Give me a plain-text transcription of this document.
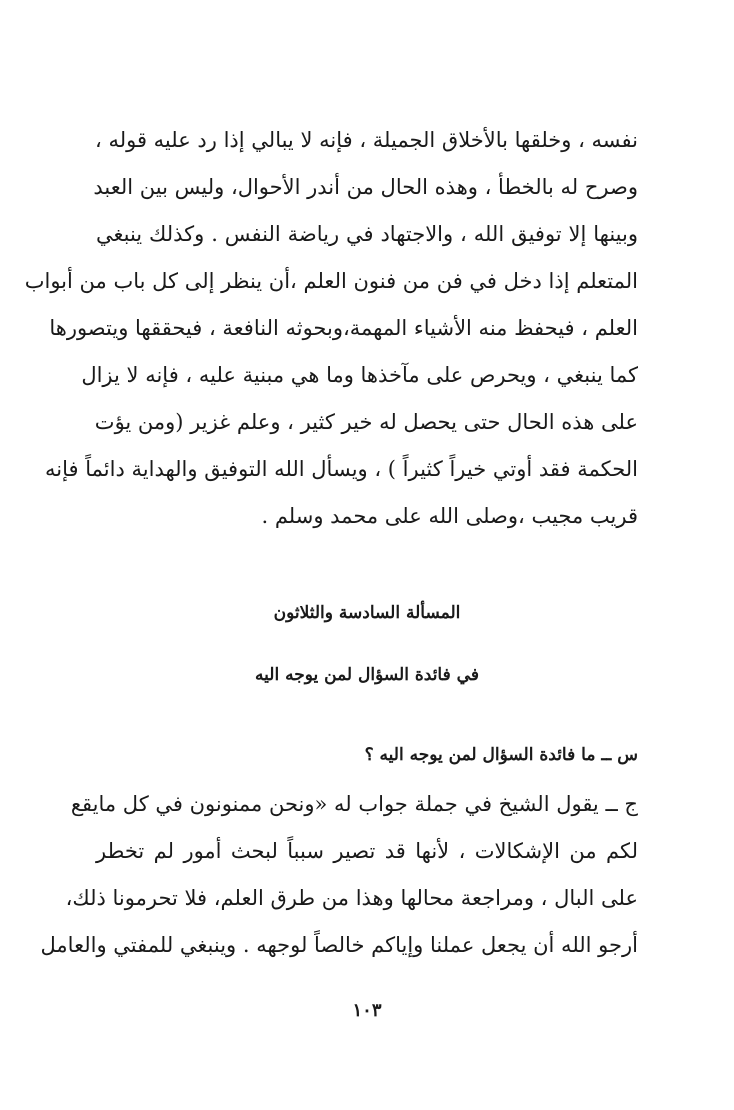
نفسه ، وخلقها بالأخلاق الجميلة ، فإنه لا يبالي إذا رد عليه قوله ،
وصرح له بالخطأ ، وهذه الحال من أندر الأحوال، وليس بين العبد
وبينها إلا توفيق الله ، والاجتهاد في رياضة النفس . وكذلك ينبغي
المتعلم إذا دخل في فن من فنون العلم ،أن ينظر إلى كل باب من أبواب
العلم ، فيحفظ منه الأشياء المهمة،وبحوثه النافعة ، فيحققها ويتصورها
كما ينبغي ، ويحرص على مآخذها وما هي مبنية عليه ، فإنه لا يزال
على هذه الحال حتى يحصل له خير كثير ، وعلم غزير (ومن يؤت
الحكمة فقد أوتي خيراً كثيراً ) ، ويسأل الله التوفيق والهداية دائماً فإنه
قريب مجيب ،وصلى الله على محمد وسلم .
المسألة السادسة والثلاثون
في فائدة السؤال لمن يوجه اليه
س ــ ما فائدة السؤال لمن يوجه اليه ؟
ج ــ يقول الشيخ في جملة جواب له «ونحن ممنونون في كل مايقع
لكم من الإشكالات ، لأنها قد تصير سبباً لبحث أمور لم تخطر
على البال ، ومراجعة محالها وهذا من طرق العلم، فلا تحرمونا ذلك،
أرجو الله أن يجعل عملنا وإياكم خالصاً لوجهه . وينبغي للمفتي والعامل
١٠٣
